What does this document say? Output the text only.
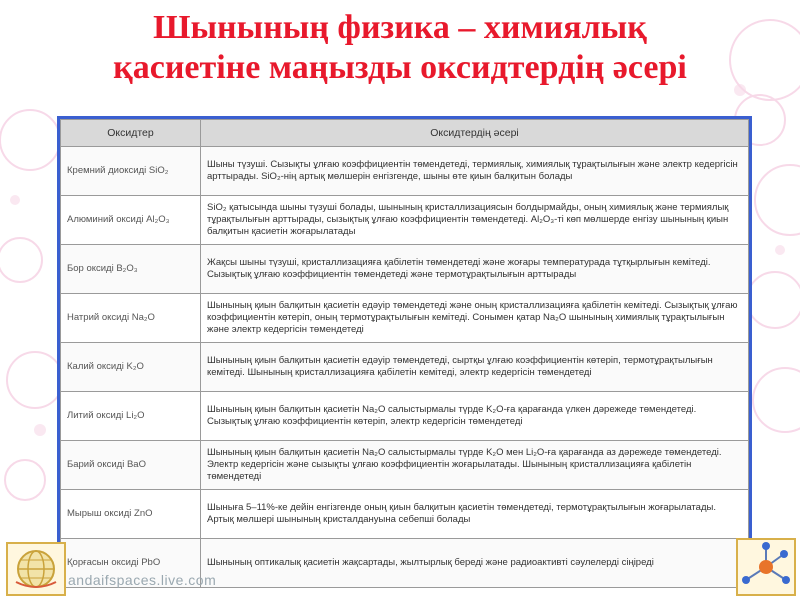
Шынының физика – химиялық
қасиетіне маңызды оксидтердің әсері
Оксидтер	Оксидтердің әсері
Кремний диоксиді SiO₂	Шыны түзуші. Сызықты ұлғаю коэффициентін төмендетеді, термиялық, химиялық тұрақтылығын және электр кедергісін арттырады. SiO₂-нің артық мөлшерін енгізгенде, шыны өте қиын балқитын болады
Алюминий оксиді Al₂O₃	SiO₂ қатысында шыны түзуші болады, шынының кристаллизациясын болдырмайды, оның химиялық және термиялық тұрақтылығын арттырады, сызықтық ұлғаю коэффициентін төмендетеді. Al₂O₃-ті көп мөлшерде енгізу шынының қиын балқитын қасиетін жоғарылатады
Бор оксиді B₂O₃	Жақсы шыны түзуші, кристаллизацияға қабілетін төмендетеді және жоғары температурада тұтқырлығын кемітеді. Сызықтық ұлғаю коэффициентін төмендетеді және термотұрақтылығын арттырады
Натрий оксиді Na₂O	Шынының қиын балқитын қасиетін едәуір төмендетеді және оның кристаллизацияға қабілетін кемітеді. Сызықтық ұлғаю коэффициентін көтеріп, оның термотұрақтылығын кемітеді. Сонымен қатар Na₂O шынының химиялық тұрақтылығын және электр кедергісін төмендетеді
Калий оксиді K₂O	Шынының қиын балқитын қасиетін едәуір төмендетеді, сыртқы ұлғаю коэффициентін көтеріп, термотұрақтылығын кемітеді. Шынының кристаллизацияға қабілетін кемітеді, электр кедергісін төмендетеді
Литий оксиді Li₂O	Шынының қиын балқитын қасиетін Na₂O салыстырмалы түрде K₂O-ға қарағанда үлкен дәрежеде төмендетеді. Сызықтық ұлғаю коэффициентін көтеріп, электр кедергісін төмендетеді
Барий оксиді BaO	Шынының қиын балқитын қасиетін Na₂O салыстырмалы түрде K₂O мен Li₂O-ға қарағанда аз дәрежеде төмендетеді. Электр кедергісін және сызықты ұлғаю коэффициентін жоғарылатады. Шынының кристаллизацияға қабілетін төмендетеді
Мырыш оксиді ZnO	Шыныға 5–11%-ке дейін енгізгенде оның қиын балқитын қасиетін төмендетеді, термотұрақтылығын жоғарылатады. Артық мөлшері шынының кристалдануына себепші болады
Қорғасын оксиді PbO	Шынының оптикалық қасиетін жақсартады, жылтырлық береді және радиоактивті сәулелерді сіңіреді
andaifspaces.live.com
